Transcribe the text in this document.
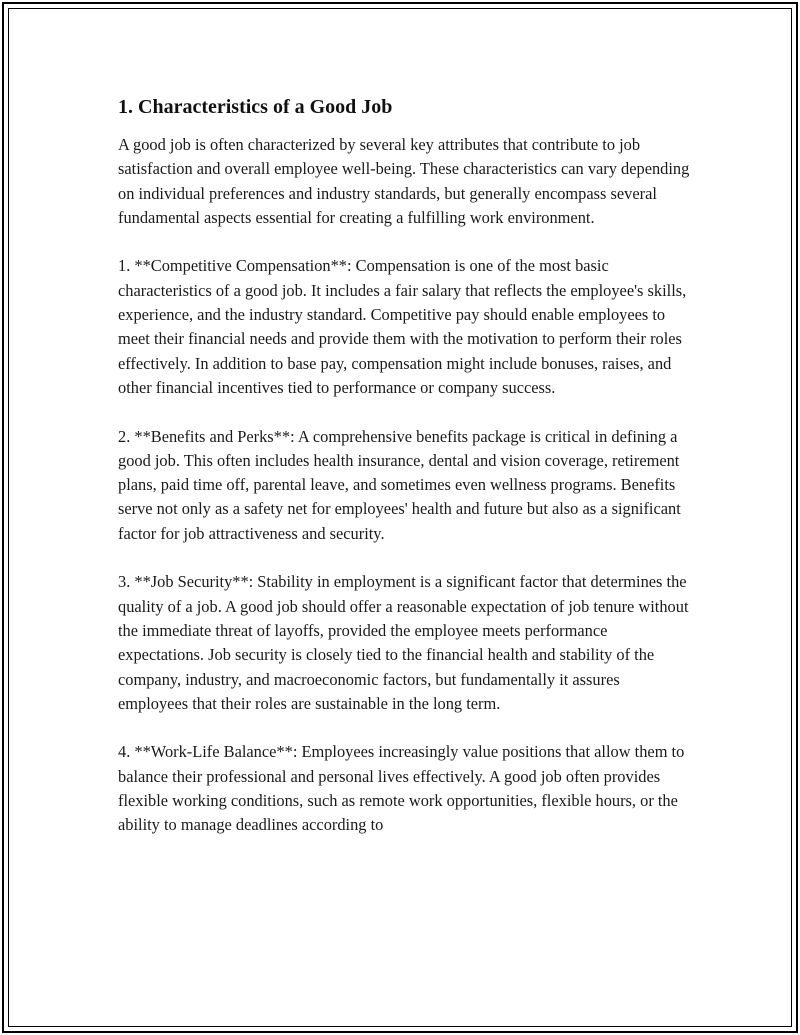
1. Characteristics of a Good Job

A good job is often characterized by several key attributes that contribute to job satisfaction and overall employee well-being. These characteristics can vary depending on individual preferences and industry standards, but generally encompass several fundamental aspects essential for creating a fulfilling work environment.

1. **Competitive Compensation**: Compensation is one of the most basic characteristics of a good job. It includes a fair salary that reflects the employee's skills, experience, and the industry standard. Competitive pay should enable employees to meet their financial needs and provide them with the motivation to perform their roles effectively. In addition to base pay, compensation might include bonuses, raises, and other financial incentives tied to performance or company success.

2. **Benefits and Perks**: A comprehensive benefits package is critical in defining a good job. This often includes health insurance, dental and vision coverage, retirement plans, paid time off, parental leave, and sometimes even wellness programs. Benefits serve not only as a safety net for employees' health and future but also as a significant factor for job attractiveness and security.

3. **Job Security**: Stability in employment is a significant factor that determines the quality of a job. A good job should offer a reasonable expectation of job tenure without the immediate threat of layoffs, provided the employee meets performance expectations. Job security is closely tied to the financial health and stability of the company, industry, and macroeconomic factors, but fundamentally it assures employees that their roles are sustainable in the long term.

4. **Work-Life Balance**: Employees increasingly value positions that allow them to balance their professional and personal lives effectively. A good job often provides flexible working conditions, such as remote work opportunities, flexible hours, or the ability to manage deadlines according to
